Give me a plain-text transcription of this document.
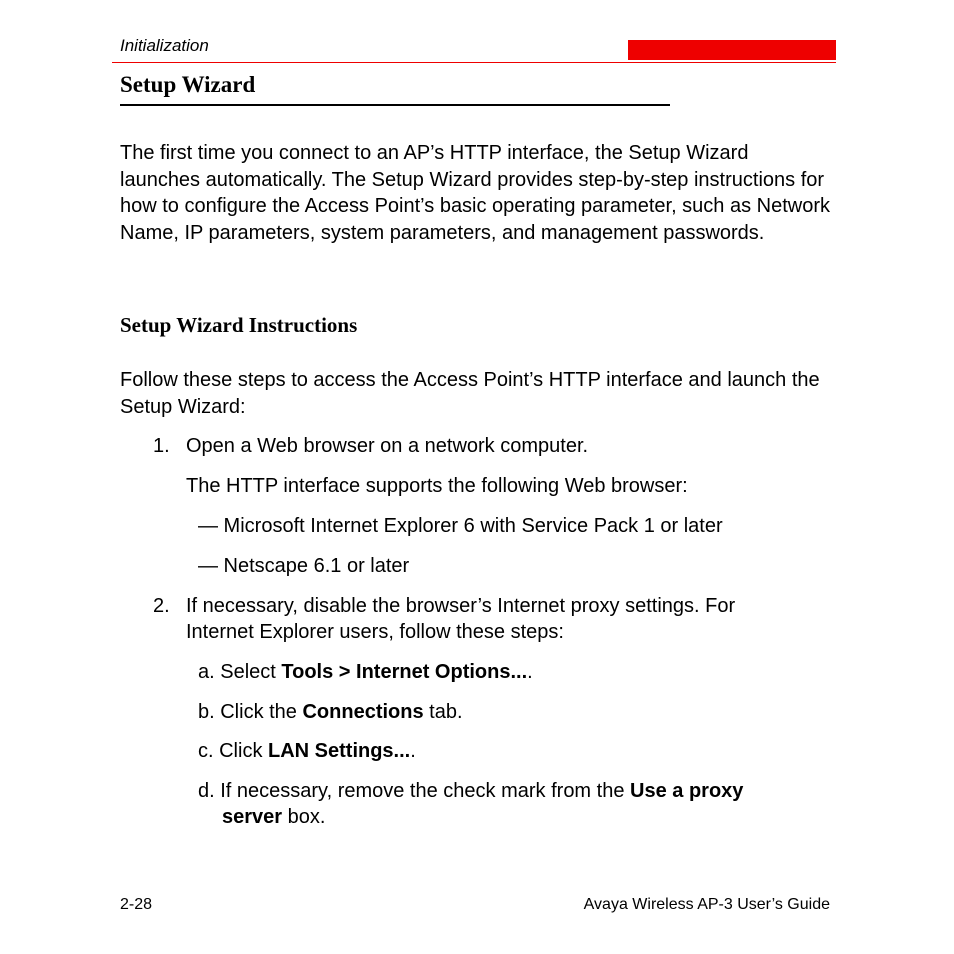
Initialization
Setup Wizard
The first time you connect to an AP’s HTTP interface, the Setup Wizard launches automatically. The Setup Wizard provides step-by-step instructions for how to configure the Access Point’s basic operating parameter, such as Network Name, IP parameters, system parameters, and management passwords.
Setup Wizard Instructions
Follow these steps to access the Access Point’s HTTP interface and launch the Setup Wizard:
1. Open a Web browser on a network computer.
The HTTP interface supports the following Web browser:
— Microsoft Internet Explorer 6 with Service Pack 1 or later
— Netscape 6.1 or later
2. If necessary, disable the browser’s Internet proxy settings. For
Internet Explorer users, follow these steps:
a. Select Tools > Internet Options....
b. Click the Connections tab.
c. Click LAN Settings....
d. If necessary, remove the check mark from the Use a proxy
server box.
2-28	Avaya Wireless AP-3 User’s Guide
